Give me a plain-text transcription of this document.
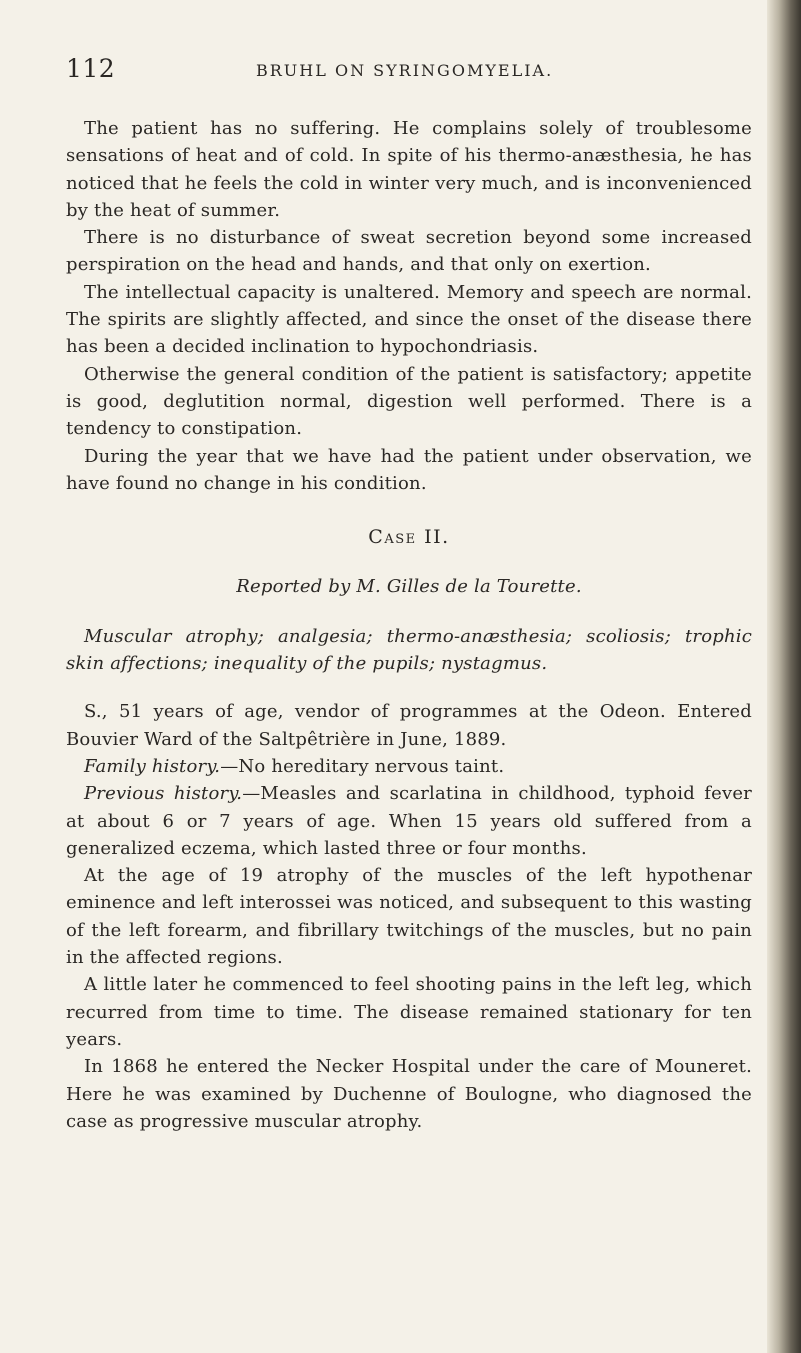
112	BRUHL ON SYRINGOMYELIA.

The patient has no suffering. He complains solely of troublesome sensations of heat and of cold. In spite of his thermo-anæsthesia, he has noticed that he feels the cold in winter very much, and is inconvenienced by the heat of summer.

There is no disturbance of sweat secretion beyond some increased perspiration on the head and hands, and that only on exertion.

The intellectual capacity is unaltered. Memory and speech are normal. The spirits are slightly affected, and since the onset of the disease there has been a decided inclination to hypochondriasis.

Otherwise the general condition of the patient is satisfactory; appetite is good, deglutition normal, digestion well performed. There is a tendency to constipation.

During the year that we have had the patient under observation, we have found no change in his condition.

Case II.

Reported by M. Gilles de la Tourette.

Muscular atrophy; analgesia; thermo-anæsthesia; scoliosis; trophic skin affections; inequality of the pupils; nystagmus.

S., 51 years of age, vendor of programmes at the Odeon. Entered Bouvier Ward of the Saltpêtrière in June, 1889.

Family history.—No hereditary nervous taint.

Previous history.—Measles and scarlatina in childhood, typhoid fever at about 6 or 7 years of age. When 15 years old suffered from a generalized eczema, which lasted three or four months.

At the age of 19 atrophy of the muscles of the left hypothenar eminence and left interossei was noticed, and subsequent to this wasting of the left forearm, and fibrillary twitchings of the muscles, but no pain in the affected regions.

A little later he commenced to feel shooting pains in the left leg, which recurred from time to time. The disease remained stationary for ten years.

In 1868 he entered the Necker Hospital under the care of Mouneret. Here he was examined by Duchenne of Boulogne, who diagnosed the case as progressive muscular atrophy.
